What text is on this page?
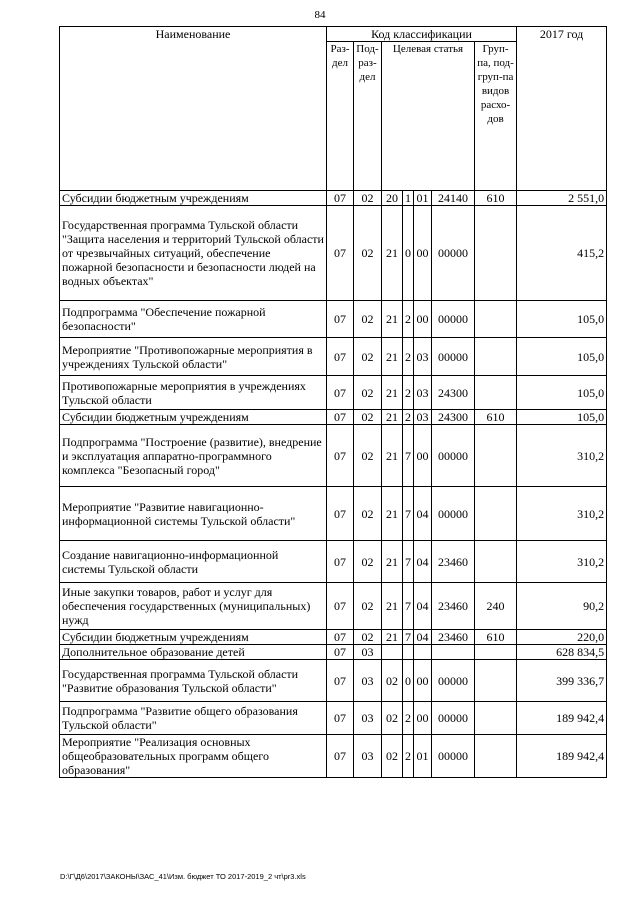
84
Наименование	Код классификации							2017 год
	Раз-дел	Под-раз-дел	Целевая статья				Груп-па, под-груп-па видов расхо-дов	
Субсидии бюджетным учреждениям	07	02	20	1	01	24140	610	2 551,0
Государственная программа Тульской области "Защита населения и территорий Тульской области от чрезвычайных ситуаций, обеспечение пожарной безопасности и безопасности людей на водных объектах"	07	02	21	0	00	00000		415,2
Подпрограмма "Обеспечение пожарной безопасности"	07	02	21	2	00	00000		105,0
Мероприятие "Противопожарные мероприятия в учреждениях Тульской области"	07	02	21	2	03	00000		105,0
Противопожарные мероприятия в учреждениях Тульской области	07	02	21	2	03	24300		105,0
Субсидии бюджетным учреждениям	07	02	21	2	03	24300	610	105,0
Подпрограмма "Построение (развитие), внедрение и эксплуатация аппаратно-программного комплекса "Безопасный город"	07	02	21	7	00	00000		310,2
Мероприятие "Развитие навигационно-информационной системы Тульской области"	07	02	21	7	04	00000		310,2
Создание навигационно-информационной системы Тульской области	07	02	21	7	04	23460		310,2
Иные закупки товаров, работ и услуг для обеспечения государственных (муниципальных) нужд	07	02	21	7	04	23460	240	90,2
Субсидии бюджетным учреждениям	07	02	21	7	04	23460	610	220,0
Дополнительное образование детей	07	03						628 834,5
Государственная программа Тульской области "Развитие образования Тульской области"	07	03	02	0	00	00000		399 336,7
Подпрограмма "Развитие общего образования Тульской области"	07	03	02	2	00	00000		189 942,4
Мероприятие "Реализация основных общеобразовательных программ общего образования"	07	03	02	2	01	00000		189 942,4
D:\Г\Д6\2017\ЗАКОНЫ\ЗАС_41\Изм. бюджет ТО 2017-2019_2 чт\pr3.xls
